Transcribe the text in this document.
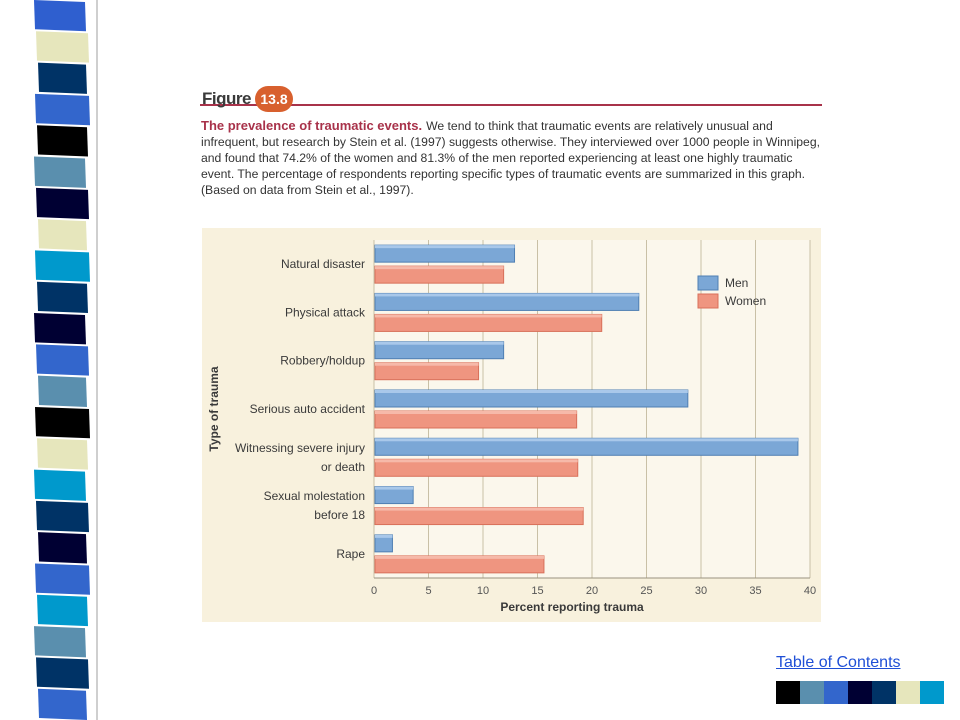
Figure 13.8
The prevalence of traumatic events. We tend to think that traumatic events are relatively unusual and infrequent, but research by Stein et al. (1997) suggests otherwise. They interviewed over 1000 people in Winnipeg, and found that 74.2% of the women and 81.3% of the men reported experiencing at least one highly traumatic event. The percentage of respondents reporting specific types of traumatic events are summarized in this graph. (Based on data from Stein et al., 1997).
0	5	10	15	20	25	30	35	40
Percent reporting trauma
Type of trauma
Natural disaster
Physical attack
Robbery/holdup
Serious auto accident
Witnessing severe injury
or death
Sexual molestation
before 18
Rape
Men
Women
Table of Contents
